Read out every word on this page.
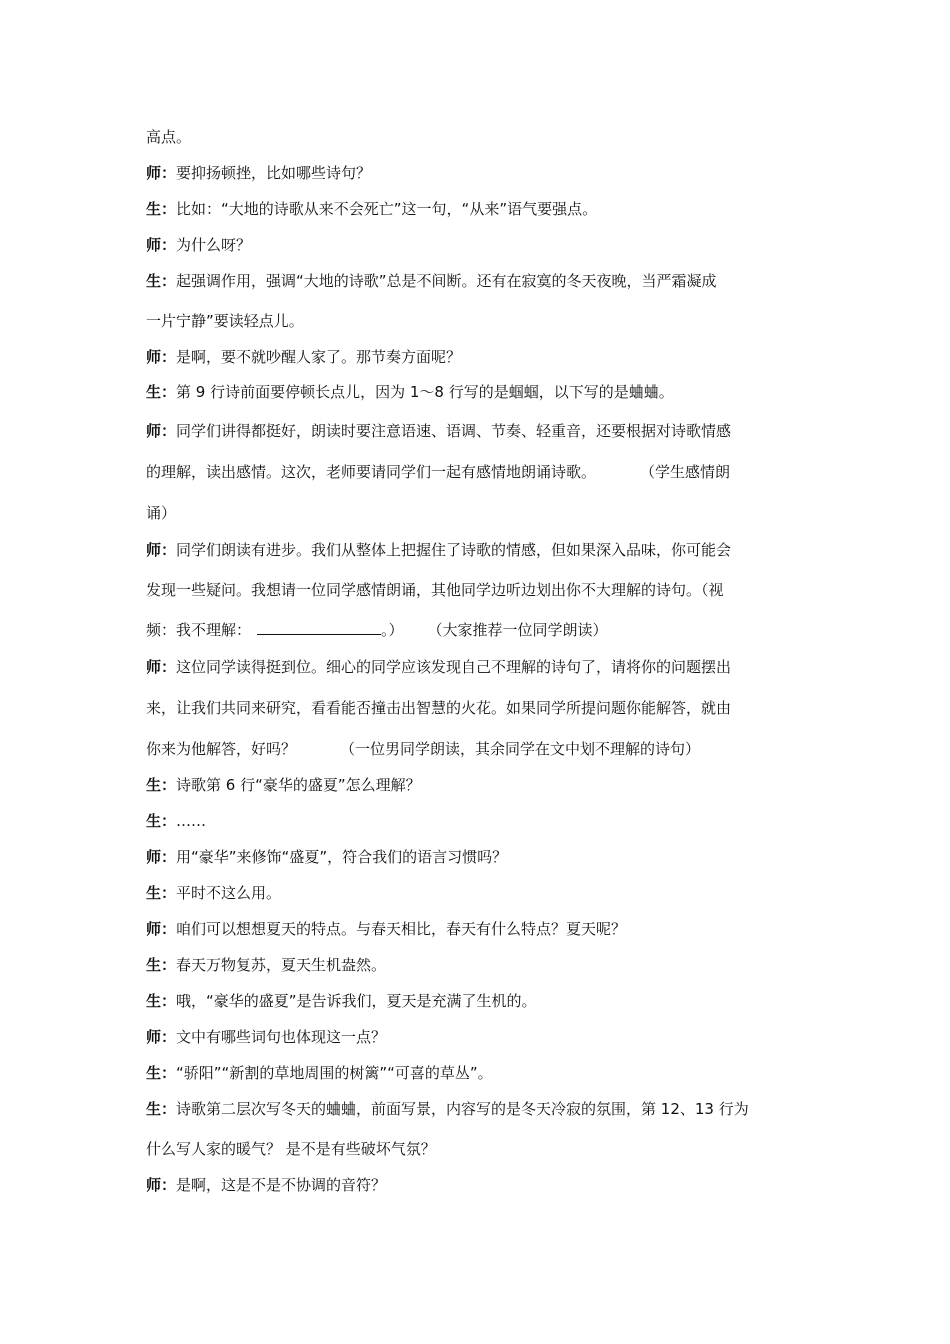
高点。
师：要抑扬顿挫，比如哪些诗句？
生：比如：“大地的诗歌从来不会死亡”这一句，“从来”语气要强点。
师：为什么呀？
生：起强调作用，强调“大地的诗歌”总是不间断。还有在寂寞的冬天夜晚，当严霜凝成
一片宁静”要读轻点儿。
师：是啊，要不就吵醒人家了。那节奏方面呢？
生：第 9 行诗前面要停顿长点儿，因为 1～8 行写的是蝈蝈，以下写的是蛐蛐。
师：同学们讲得都挺好，朗读时要注意语速、语调、节奏、轻重音，还要根据对诗歌情感
的理解，读出感情。这次，老师要请同学们一起有感情地朗诵诗歌。	（学生感情朗
诵）
师：同学们朗读有进步。我们从整体上把握住了诗歌的情感，但如果深入品味，你可能会
发现一些疑问。我想请一位同学感情朗诵，其他同学边听边划出你不大理解的诗句。（视
频：我不理解：	。） （大家推荐一位同学朗读）
师：这位同学读得挺到位。细心的同学应该发现自己不理解的诗句了，请将你的问题摆出
来，让我们共同来研究，看看能否撞击出智慧的火花。如果同学所提问题你能解答，就由
你来为他解答，好吗？	（一位男同学朗读，其余同学在文中划不理解的诗句）
生：诗歌第 6 行“豪华的盛夏”怎么理解？
生：……
师：用“豪华”来修饰“盛夏”，符合我们的语言习惯吗？
生：平时不这么用。
师：咱们可以想想夏天的特点。与春天相比，春天有什么特点？夏天呢？
生：春天万物复苏，夏天生机盎然。
生：哦，“豪华的盛夏”是告诉我们，夏天是充满了生机的。
师：文中有哪些词句也体现这一点？
生：“骄阳”“新割的草地周围的树篱”“可喜的草丛”。
生：诗歌第二层次写冬天的蛐蛐，前面写景，内容写的是冬天冷寂的氛围，第 12、13 行为
什么写人家的暖气？ 是不是有些破坏气氛？
师：是啊，这是不是不协调的音符？
